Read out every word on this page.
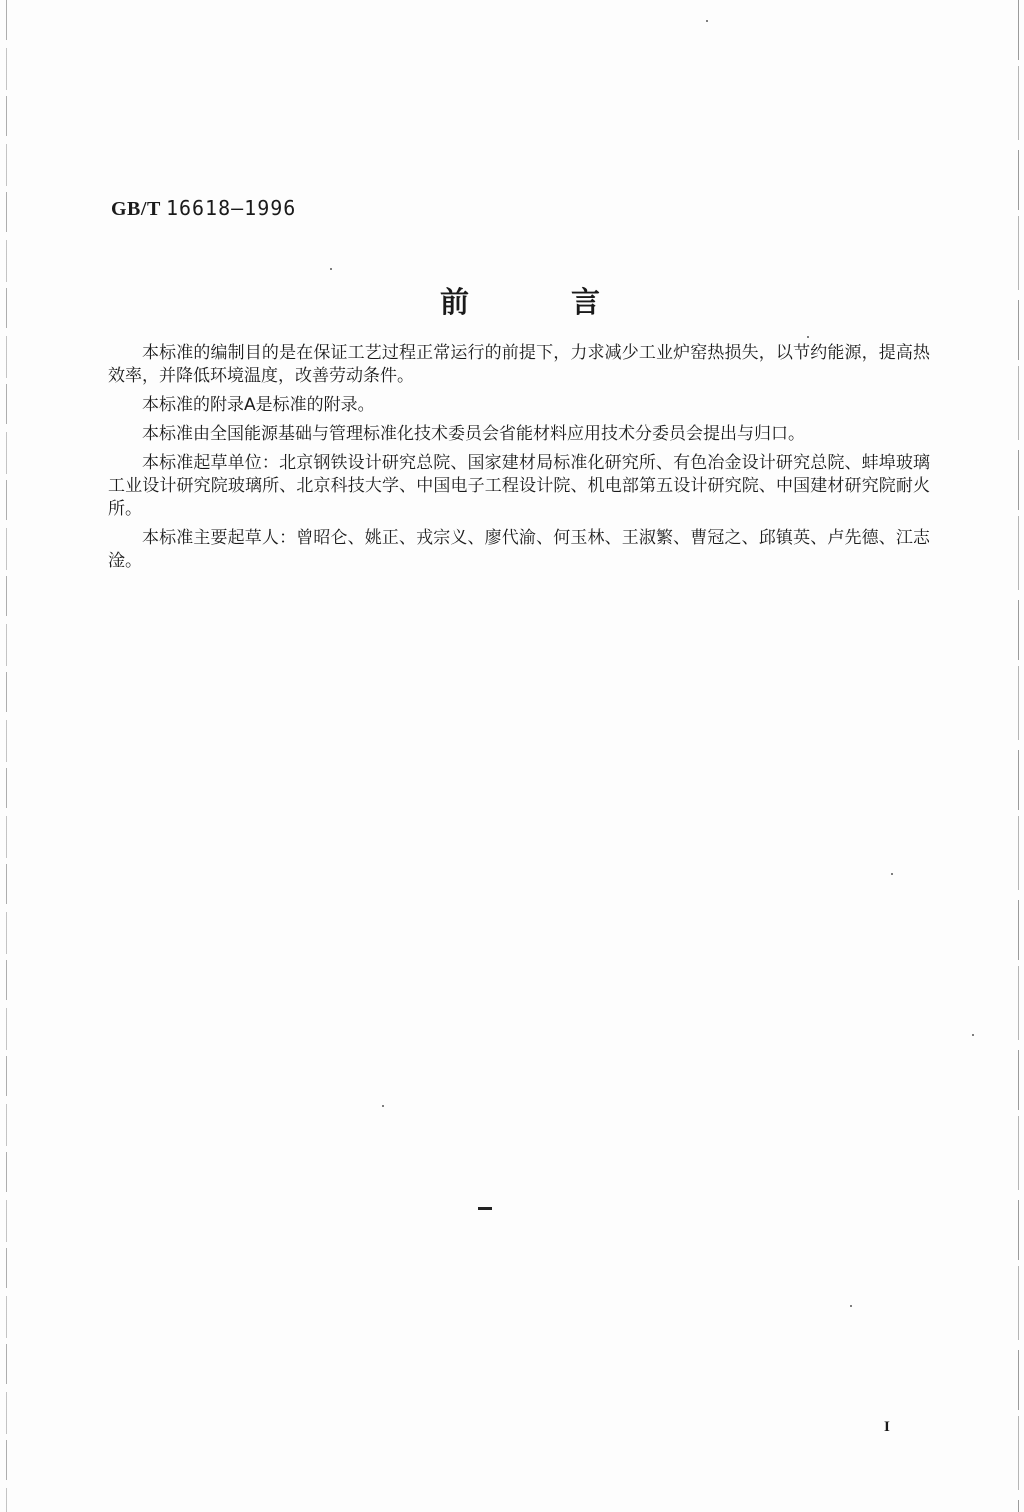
GB/T 16618—1996
前	言

本标准的编制目的是在保证工艺过程正常运行的前提下，力求减少工业炉窑热损失，以节约能源，提高热效率，并降低环境温度，改善劳动条件。

本标准的附录A是标准的附录。

本标准由全国能源基础与管理标准化技术委员会省能材料应用技术分委员会提出与归口。

本标准起草单位：北京钢铁设计研究总院、国家建材局标准化研究所、有色冶金设计研究总院、蚌埠玻璃工业设计研究院玻璃所、北京科技大学、中国电子工程设计院、机电部第五设计研究院、中国建材研究院耐火所。

本标准主要起草人：曾昭仑、姚正、戎宗义、廖代渝、何玉林、王淑繁、曹冠之、邱镇英、卢先德、江志淦。

I
